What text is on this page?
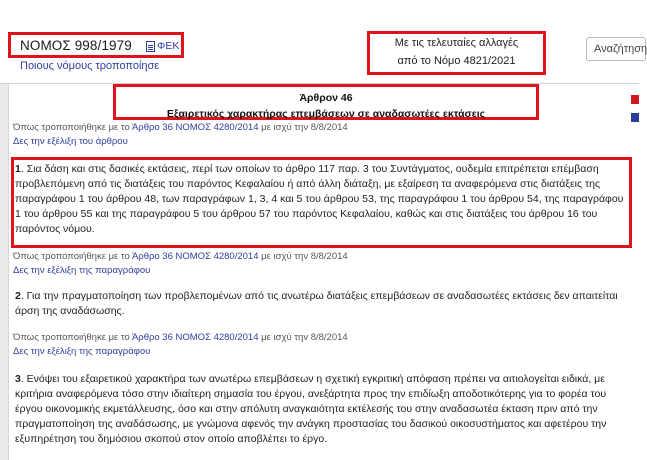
ΝΟΜΟΣ 998/1979 ΦΕΚ
Ποιους νόμους τροποποίησε
Με τις τελευταίες αλλαγές
από το Νόμο 4821/2021
Αναζήτηση
Άρθρον 46
Εξαιρετικός χαρακτήρας επεμβάσεων σε αναδασωτέες εκτάσεις
Όπως τροποποιήθηκε με το Άρθρο 36 ΝΟΜΟΣ 4280/2014 με ισχύ την 8/8/2014
Δες την εξέλιξη του άρθρου
1. Σια δάση και στις δασικές εκτάσεις, περί των οποίων το άρθρο 117 παρ. 3 του Συντάγματος, ουδεμία επιτρέπεται επέμβαση προβλεπόμενη από τις διατάξεις του παρόντος Κεφαλαίου ή από άλλη διάταξη, με εξαίρεση τα αναφερόμενα στις διατάξεις της παραγράφου 1 του άρθρου 48, των παραγράφων 1, 3, 4 και 5 του άρθρου 53, της παραγράφου 1 του άρθρου 54, της παραγράφου 1 του άρθρου 55 και της παραγράφου 5 του άρθρου 57 του παρόντος Κεφαλαίου, καθώς και στις διατάξεις του άρθρου 16 του παρόντος νόμου.
Όπως τροποποιήθηκε με το Άρθρο 36 ΝΟΜΟΣ 4280/2014 με ισχύ την 8/8/2014
Δες την εξέλιξη της παραγράφου
2. Για την πραγματοποίηση των προβλεπομένων από τις ανωτέρω διατάξεις επεμβάσεων σε αναδασωτέες εκτάσεις δεν απαιτείται άρση της αναδάσωσης.
Όπως τροποποιήθηκε με το Άρθρο 36 ΝΟΜΟΣ 4280/2014 με ισχύ την 8/8/2014
Δες την εξέλιξη της παραγράφου
3. Ενόψει του εξαιρετικού χαρακτήρα των ανωτέρω επεμβάσεων η σχετική εγκριτική απόφαση πρέπει να αιτιολογείται ειδικά, με κριτήρια αναφερόμενα τόσο στην ιδιαίτερη σημασία του έργου, ανεξάρτητα προς την επιδίωξη αποδοτικότερης για το φορέα του έργου οικονομικής εκμετάλλευσης, όσο και στην απόλυτη αναγκαιότητα εκτέλεσής του στην αναδασωτέα έκταση πριν από την πραγματοποίηση της αναδάσωσης, με γνώμονα αφενός την ανάγκη προστασίας του δασικού οικοσυστήματος και αφετέρου την εξυπηρέτηση του δημόσιου σκοπού στον οποίο αποβλέπει το έργο.
